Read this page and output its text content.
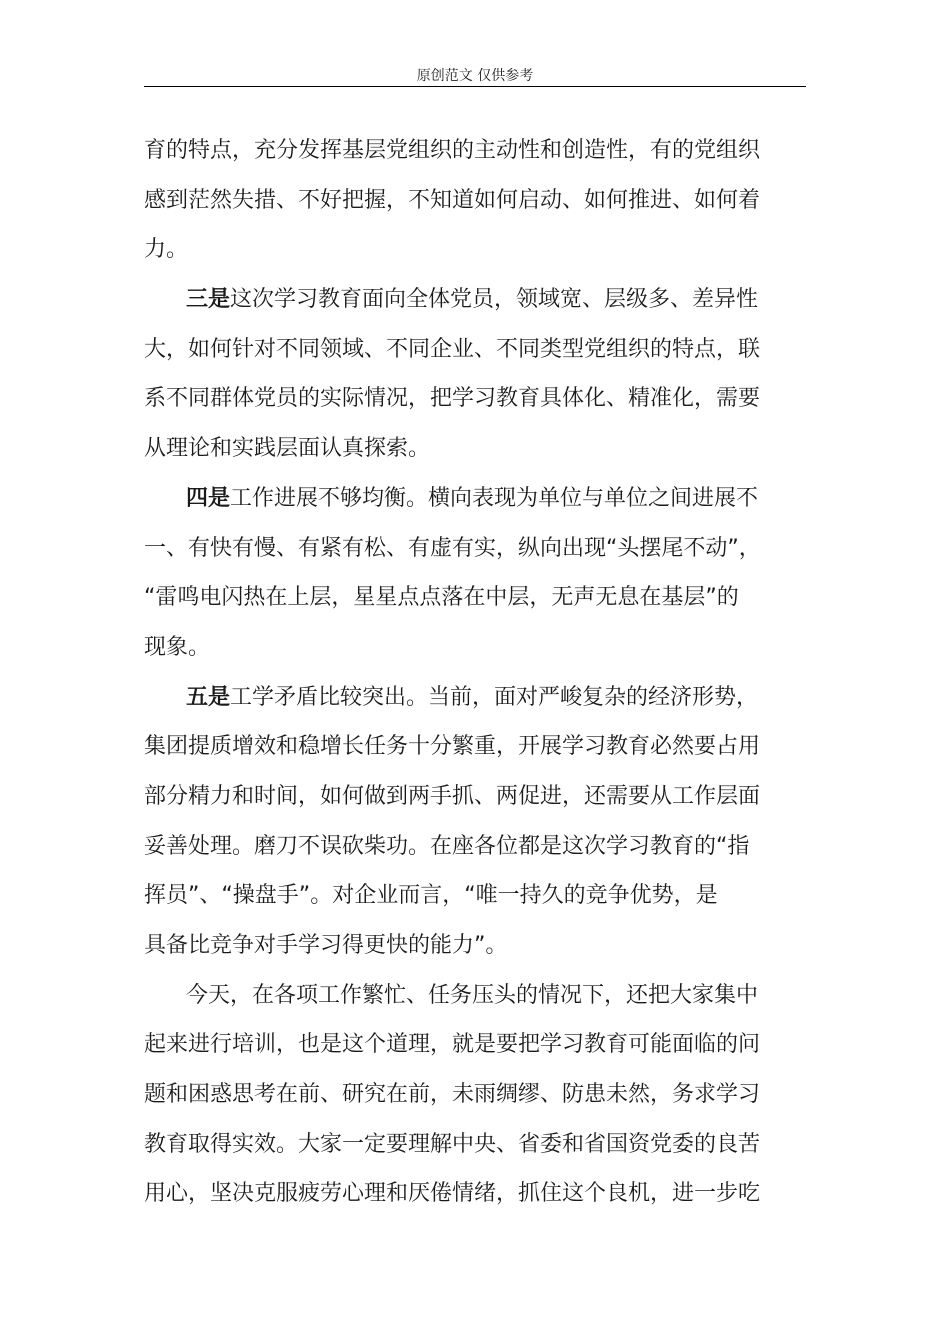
原创范文 仅供参考
育的特点，充分发挥基层党组织的主动性和创造性，有的党组织
感到茫然失措、不好把握，不知道如何启动、如何推进、如何着
力。
三是这次学习教育面向全体党员，领域宽、层级多、差异性
大，如何针对不同领域、不同企业、不同类型党组织的特点，联
系不同群体党员的实际情况，把学习教育具体化、精准化，需要
从理论和实践层面认真探索。
四是工作进展不够均衡。横向表现为单位与单位之间进展不
一、有快有慢、有紧有松、有虚有实，纵向出现“头摆尾不动”，
“雷鸣电闪热在上层，星星点点落在中层，无声无息在基层”的
现象。
五是工学矛盾比较突出。当前，面对严峻复杂的经济形势，
集团提质增效和稳增长任务十分繁重，开展学习教育必然要占用
部分精力和时间，如何做到两手抓、两促进，还需要从工作层面
妥善处理。磨刀不误砍柴功。在座各位都是这次学习教育的“指
挥员”、“操盘手”。对企业而言，“唯一持久的竞争优势，是
具备比竞争对手学习得更快的能力”。
今天，在各项工作繁忙、任务压头的情况下，还把大家集中
起来进行培训，也是这个道理，就是要把学习教育可能面临的问
题和困惑思考在前、研究在前，未雨绸缪、防患未然，务求学习
教育取得实效。大家一定要理解中央、省委和省国资党委的良苦
用心，坚决克服疲劳心理和厌倦情绪，抓住这个良机，进一步吃
